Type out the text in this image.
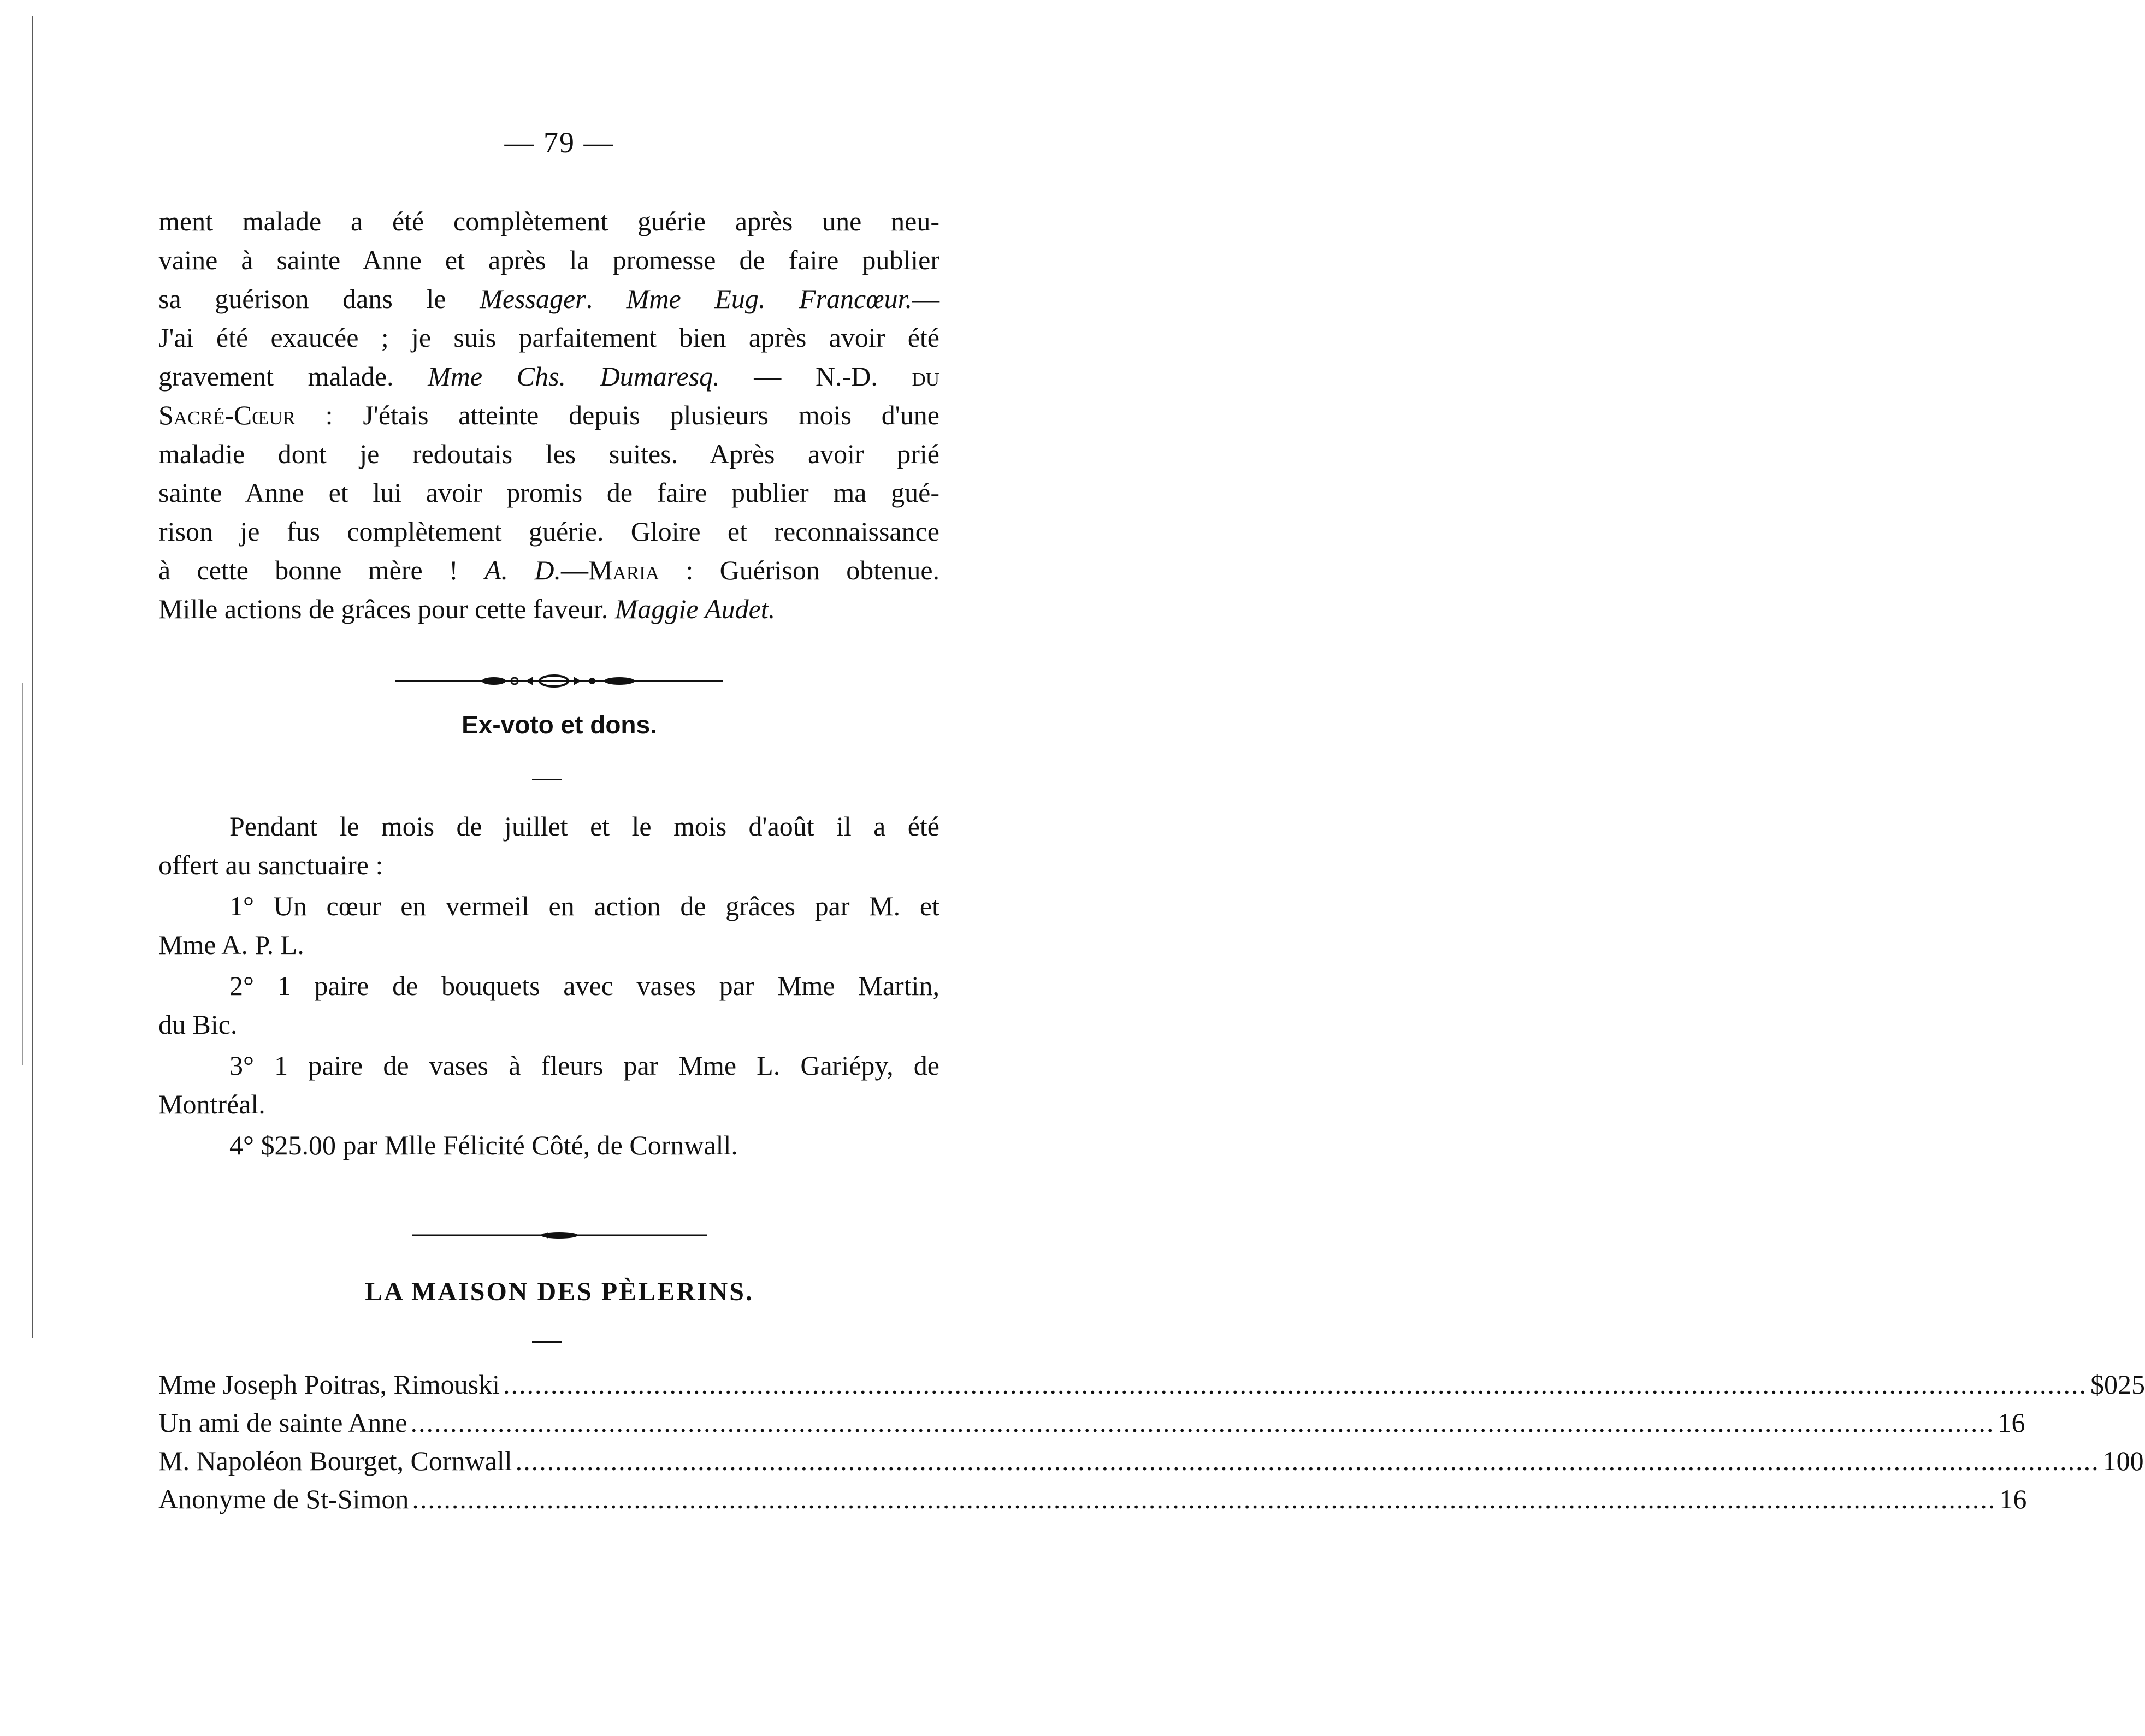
— 79 —
ment malade a été complètement guérie après une neu-
vaine à sainte Anne et après la promesse de faire publier
sa guérison dans le Messager. Mme Eug. Francœur.—
J'ai été exaucée ; je suis parfaitement bien après avoir été
gravement malade. Mme Chs. Dumaresq. — N.-D. du
Sacré-Cœur : J'étais atteinte depuis plusieurs mois d'une
maladie dont je redoutais les suites. Après avoir prié
sainte Anne et lui avoir promis de faire publier ma gué-
rison je fus complètement guérie. Gloire et reconnaissance
à cette bonne mère ! A. D.—Maria : Guérison obtenue.
Mille actions de grâces pour cette faveur. Maggie Audet.
Ex-voto et dons.
Pendant le mois de juillet et le mois d'août il a été
offert au sanctuaire :
1° Un cœur en vermeil en action de grâces par M. et
Mme A. P. L.
2° 1 paire de bouquets avec vases par Mme Martin,
du Bic.
3° 1 paire de vases à fleurs par Mme L. Gariépy, de
Montréal.
4° $25.00 par Mlle Félicité Côté, de Cornwall.
LA MAISON DES PÈLERINS.
Mme Joseph Poitras, Rimouski ........................................................................................................................................................................................................ $ 0 25
Un ami de sainte Anne ........................................................................................................................................................................................................ 16
M. Napoléon Bourget, Cornwall ........................................................................................................................................................................................................ 1 00
Anonyme de St-Simon ........................................................................................................................................................................................................ 16
